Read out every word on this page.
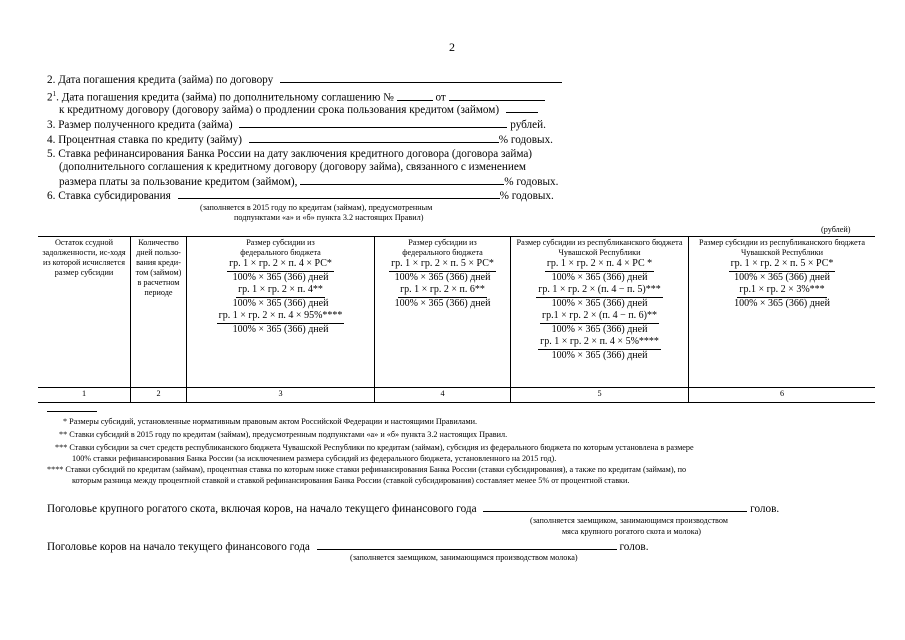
2
2. Дата погашения кредита (займа) по договору
$2^1$. Дата погашения кредита (займа) по дополнительному соглашению №	от
к кредитному договору (договору займа) о продлении срока пользования кредитом (займом)
3. Размер полученного кредита (займа)	рублей.
4. Процентная ставка по кредиту (займу)	% годовых.
5. Ставка рефинансирования Банка России на дату заключения кредитного договора (договора займа)
(дополнительного соглашения к кредитному договору (договору займа), связанного с изменением
размера платы за пользование кредитом (займом),	% годовых.
6. Ставка субсидирования	% годовых.
(заполняется в 2015 году по кредитам (займам), предусмотренным
подпунктами «а» и «б» пункта 3.2 настоящих Правил)
(рублей)
Остаток ссудной задолженности, ис-ходя из которой исчисляется размер субсидии
Количество дней пользо-вания креди-том (займом) в расчетном периоде
Размер субсидии из федерального бюджета
гр. 1 × гр. 2 × п. 4 × РС*
100% × 365 (366) дней
гр. 1 × гр. 2 × п. 4**
100% × 365 (366) дней
гр. 1 × гр. 2 × п. 4 × 95%****
100% × 365 (366) дней
Размер субсидии из федерального бюджета
гр. 1 × гр. 2 × п. 5 × РС*
100% × 365 (366) дней
гр. 1 × гр. 2 × п. 6**
100% × 365 (366) дней
Размер субсидии из республиканского бюджета Чувашской Республики
гр. 1 × гр. 2 × п. 4 × РС *
100% × 365 (366) дней
гр. 1 × гр. 2 × (п. 4 − п. 5)***
100% × 365 (366) дней
гр.1 × гр. 2 × (п. 4 − п. 6)**
100% × 365 (366) дней
гр. 1 × гр. 2 × п. 4 × 5%****
100% × 365 (366) дней
Размер субсидии из республиканского бюджета Чувашской Республики
гр. 1 × гр. 2 × п. 5 × РС*
100% × 365 (366) дней
гр.1 × гр. 2 × 3%***
100% × 365 (366) дней
1	2	3	4	5	6
* Размеры субсидий, установленные нормативным правовым актом Российской Федерации и настоящими Правилами.
** Ставки субсидий в 2015 году по кредитам (займам), предусмотренным подпунктами «а» и «б» пункта 3.2 настоящих Правил.
*** Ставки субсидии за счет средств республиканского бюджета Чувашской Республики по кредитам (займам), субсидия из федерального бюджета по которым установлена в размере
100% ставки рефинансирования Банка России (за исключением размера субсидий из федерального бюджета, установленного на 2015 год).
**** Ставки субсидий по кредитам (займам), процентная ставка по которым ниже ставки рефинансирования Банка России (ставки субсидирования), а также по кредитам (займам), по
которым разница между процентной ставкой и ставкой рефинансирования Банка России (ставкой субсидирования) составляет менее 5% от процентной ставки.
Поголовье крупного рогатого скота, включая коров, на начало текущего финансового года	голов.
(заполняется заемщиком, занимающимся производством
мяса крупного рогатого скота и молока)
Поголовье коров на начало текущего финансового года	голов.
(заполняется заемщиком, занимающимся производством молока)
